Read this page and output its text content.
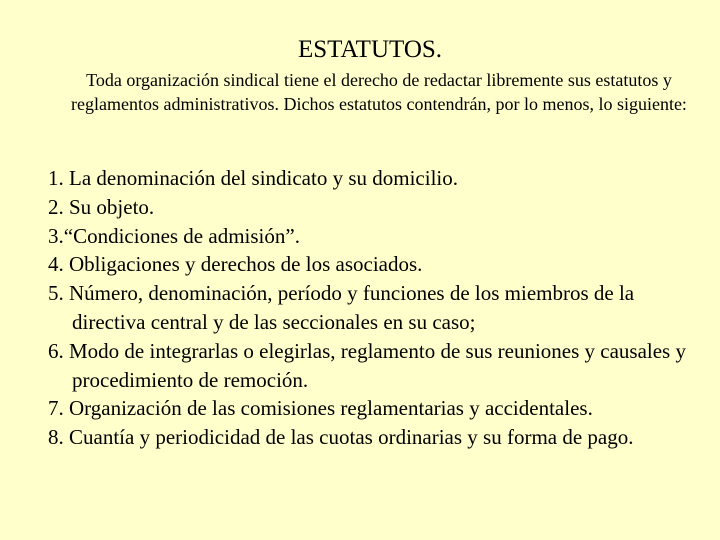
ESTATUTOS.

Toda organización sindical tiene el derecho de redactar libremente sus estatutos y reglamentos administrativos. Dichos estatutos contendrán, por lo menos, lo siguiente:

1. La denominación del sindicato y su domicilio.
2. Su objeto.
3.“Condiciones de admisión”.
4. Obligaciones y derechos de los asociados.
5. Número, denominación, período y funciones de los miembros de la directiva central y de las seccionales en su caso;
6. Modo de integrarlas o elegirlas, reglamento de sus reuniones y causales y procedimiento de remoción.
7. Organización de las comisiones reglamentarias y accidentales.
8. Cuantía y periodicidad de las cuotas ordinarias y su forma de pago.
